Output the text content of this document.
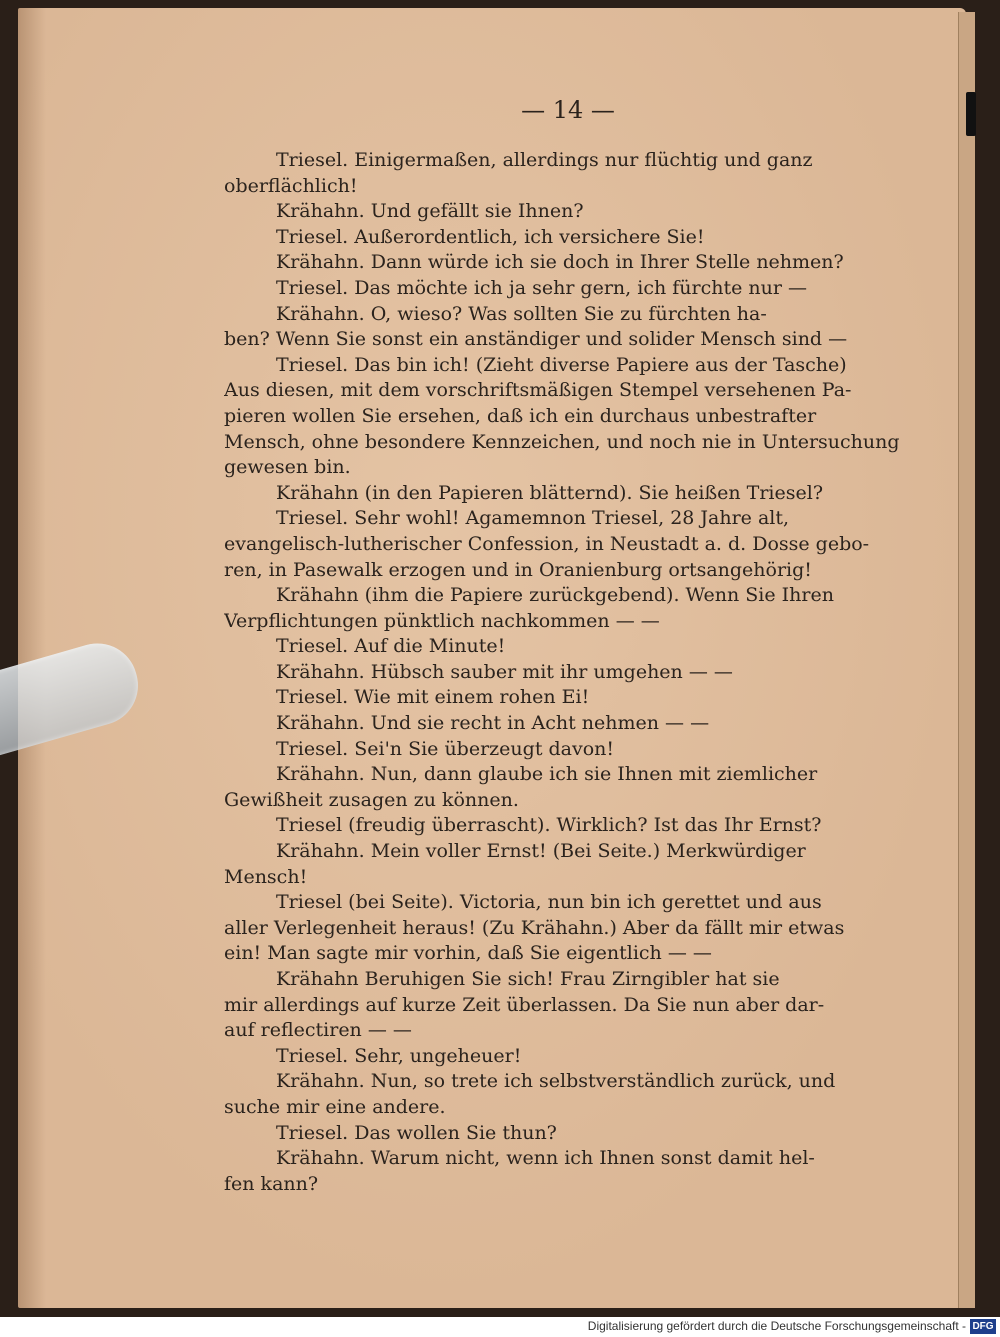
— 14 —
Triesel. Einigermaßen, allerdings nur flüchtig und ganz
oberflächlich!
Krähahn. Und gefällt sie Ihnen?
Triesel. Außerordentlich, ich versichere Sie!
Krähahn. Dann würde ich sie doch in Ihrer Stelle nehmen?
Triesel. Das möchte ich ja sehr gern, ich fürchte nur —
Krähahn. O, wieso? Was sollten Sie zu fürchten ha-
ben? Wenn Sie sonst ein anständiger und solider Mensch sind —
Triesel. Das bin ich! (Zieht diverse Papiere aus der Tasche)
Aus diesen, mit dem vorschriftsmäßigen Stempel versehenen Pa-
pieren wollen Sie ersehen, daß ich ein durchaus unbestrafter
Mensch, ohne besondere Kennzeichen, und noch nie in Untersuchung
gewesen bin.
Krähahn (in den Papieren blätternd). Sie heißen Triesel?
Triesel. Sehr wohl! Agamemnon Triesel, 28 Jahre alt,
evangelisch-lutherischer Confession, in Neustadt a. d. Dosse gebo-
ren, in Pasewalk erzogen und in Oranienburg ortsangehörig!
Krähahn (ihm die Papiere zurückgebend). Wenn Sie Ihren
Verpflichtungen pünktlich nachkommen — —
Triesel. Auf die Minute!
Krähahn. Hübsch sauber mit ihr umgehen — —
Triesel. Wie mit einem rohen Ei!
Krähahn. Und sie recht in Acht nehmen — —
Triesel. Sei'n Sie überzeugt davon!
Krähahn. Nun, dann glaube ich sie Ihnen mit ziemlicher
Gewißheit zusagen zu können.
Triesel (freudig überrascht). Wirklich? Ist das Ihr Ernst?
Krähahn. Mein voller Ernst! (Bei Seite.) Merkwürdiger
Mensch!
Triesel (bei Seite). Victoria, nun bin ich gerettet und aus
aller Verlegenheit heraus! (Zu Krähahn.) Aber da fällt mir etwas
ein! Man sagte mir vorhin, daß Sie eigentlich — —
Krähahn Beruhigen Sie sich! Frau Zirngibler hat sie
mir allerdings auf kurze Zeit überlassen. Da Sie nun aber dar-
auf reflectiren — —
Triesel. Sehr, ungeheuer!
Krähahn. Nun, so trete ich selbstverständlich zurück, und
suche mir eine andere.
Triesel. Das wollen Sie thun?
Krähahn. Warum nicht, wenn ich Ihnen sonst damit hel-
fen kann?
Digitalisierung gefördert durch die Deutsche Forschungsgemeinschaft - DFG
